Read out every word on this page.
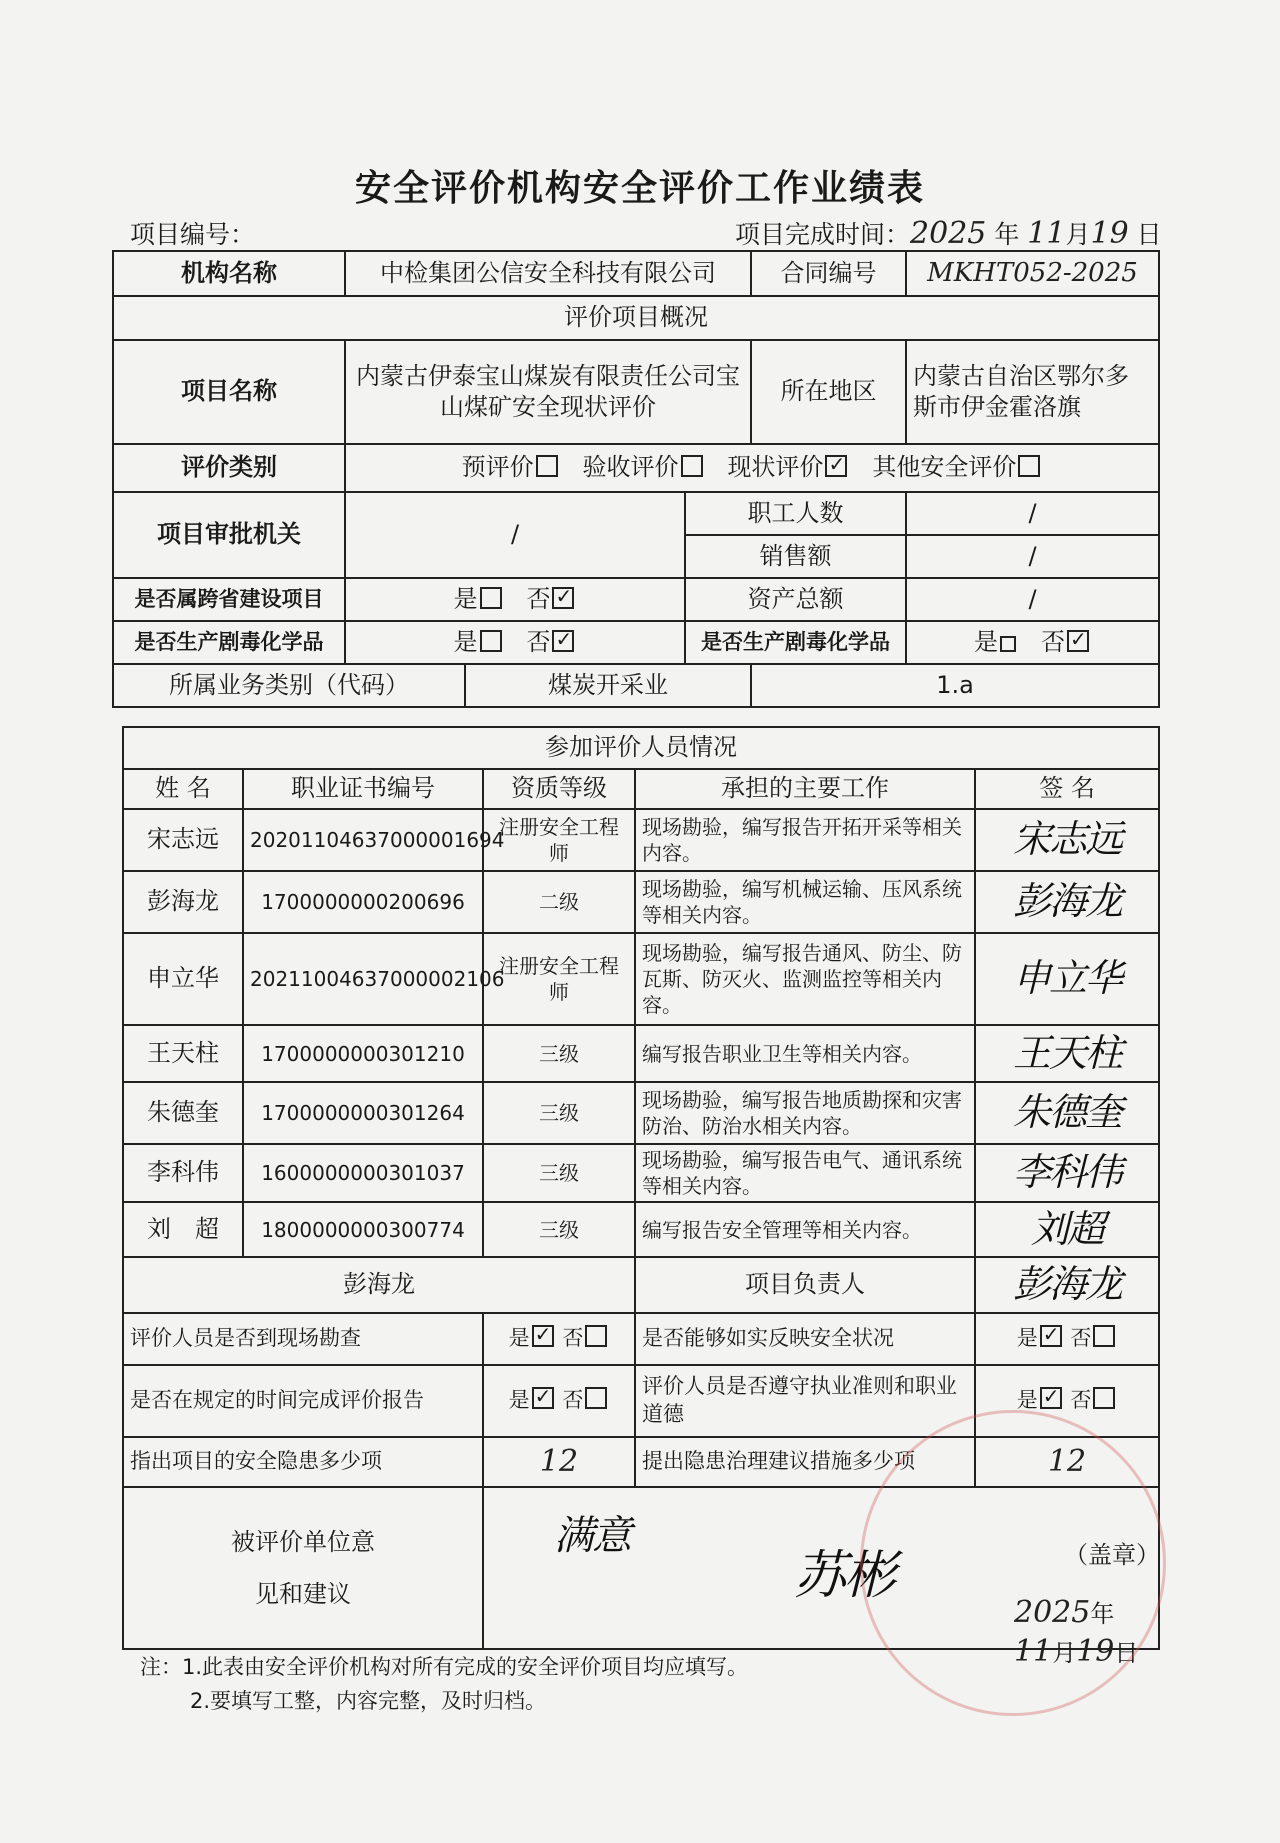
安全评价机构安全评价工作业绩表
项目编号：	项目完成时间：2025 年 11月19 日
机构名称	中检集团公信安全科技有限公司			合同编号	MKHT052-2025
评价项目概况					
项目名称	内蒙古伊泰宝山煤炭有限责任公司宝山煤矿安全现状评价			所在地区	内蒙古自治区鄂尔多斯市伊金霍洛旗
评价类别	预评价 验收评价 现状评价 ✓ 其他安全评价
项目审批机关	/		职工人数		/
			销售额		/
是否属跨省建设项目	是 否✓		资产总额		/
是否生产剧毒化学品	是 否✓		是否生产剧毒化学品		是 否✓
所属业务类别（代码）		煤炭开采业		1.a	
参加评价人员情况				
姓 名	职业证书编号	资质等级	承担的主要工作	签 名
宋志远	20201104637000001694	注册安全工程师	现场勘验，编写报告开拓开采等相关内容。	宋志远
彭海龙	1700000000200696	二级	现场勘验，编写机械运输、压风系统等相关内容。	彭海龙
申立华	20211004637000002106	注册安全工程师	现场勘验，编写报告通风、防尘、防瓦斯、防灭火、监测监控等相关内容。	申立华
王天柱	1700000000301210	三级	编写报告职业卫生等相关内容。	王天柱
朱德奎	1700000000301264	三级	现场勘验，编写报告地质勘探和灾害防治、防治水相关内容。	朱德奎
李科伟	1600000000301037	三级	现场勘验，编写报告电气、通讯系统等相关内容。	李科伟
刘　超	1800000000300774	三级	编写报告安全管理等相关内容。	刘超
彭海龙			项目负责人	彭海龙
评价人员是否到现场勘查		是 ✓ 否	是否能够如实反映安全状况	是 ✓ 否
是否在规定的时间完成评价报告		是 ✓ 否	评价人员是否遵守执业准则和职业道德	是 ✓ 否
指出项目的安全隐患多少项		12	提出隐患治理建议措施多少项	12

被评价单位意见和建议		满意
苏彬 （盖章）
2025年 11月19日		
注：1.此表由安全评价机构对所有完成的安全评价项目均应填写。
2.要填写工整，内容完整，及时归档。
